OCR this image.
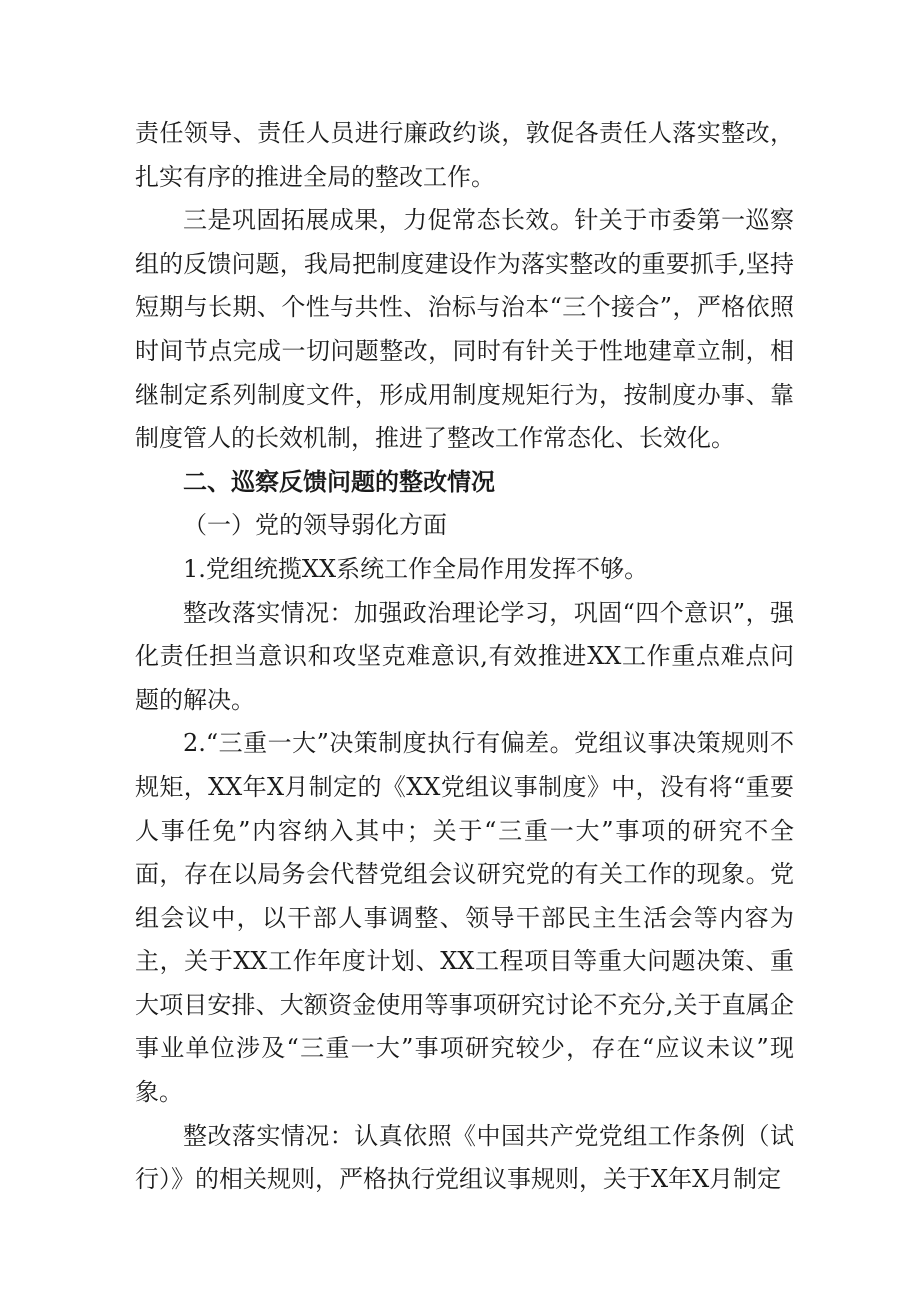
责任领导、责任人员进行廉政约谈，敦促各责任人落实整改，扎实有序的推进全局的整改工作。

三是巩固拓展成果，力促常态长效。针关于市委第一巡察组的反馈问题，我局把制度建设作为落实整改的重要抓手,坚持短期与长期、个性与共性、治标与治本“三个接合”，严格依照时间节点完成一切问题整改，同时有针关于性地建章立制，相继制定系列制度文件，形成用制度规矩行为，按制度办事、靠制度管人的长效机制，推进了整改工作常态化、长效化。

二、巡察反馈问题的整改情况

（一）党的领导弱化方面

1.党组统揽XX系统工作全局作用发挥不够。

整改落实情况：加强政治理论学习，巩固“四个意识”，强化责任担当意识和攻坚克难意识,有效推进XX工作重点难点问题的解决。

2.“三重一大”决策制度执行有偏差。党组议事决策规则不规矩，XX年X月制定的《XX党组议事制度》中，没有将“重要人事任免”内容纳入其中；关于“三重一大”事项的研究不全面，存在以局务会代替党组会议研究党的有关工作的现象。党组会议中，以干部人事调整、领导干部民主生活会等内容为主，关于XX工作年度计划、XX工程项目等重大问题决策、重大项目安排、大额资金使用等事项研究讨论不充分,关于直属企事业单位涉及“三重一大”事项研究较少，存在“应议未议”现象。

整改落实情况：认真依照《中国共产党党组工作条例（试行）》的相关规则，严格执行党组议事规则，关于X年X月制定
